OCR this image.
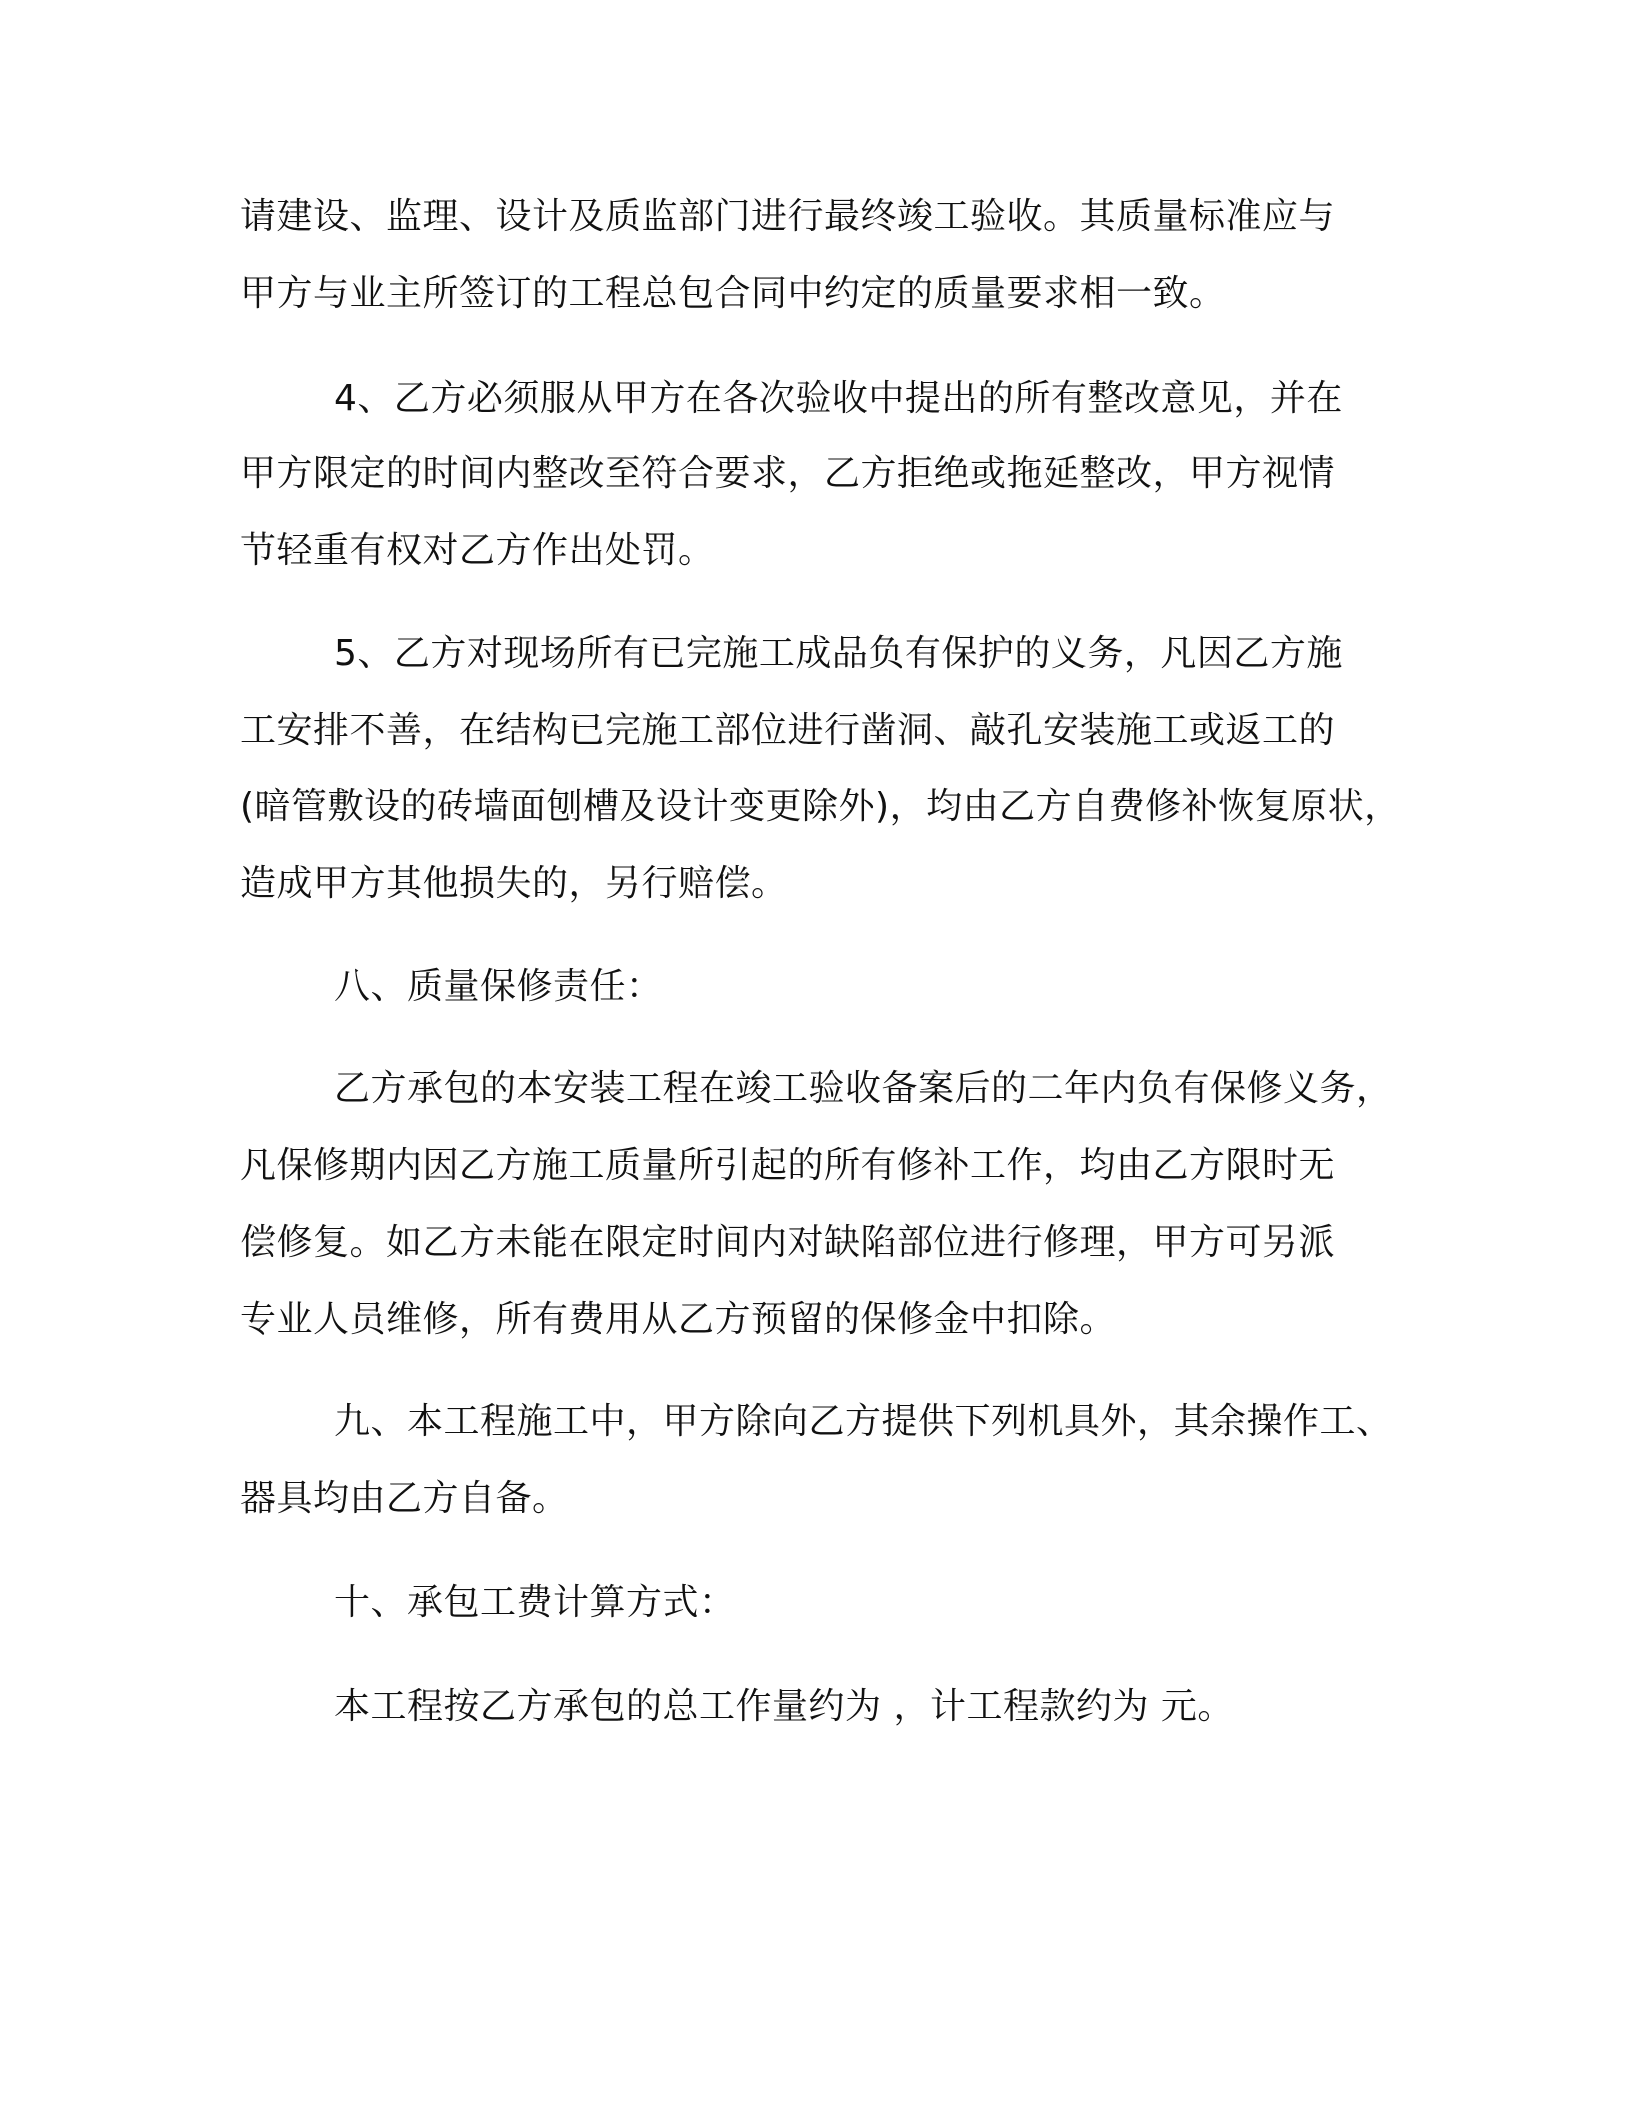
请建设、监理、设计及质监部门进行最终竣工验收。其质量标准应与
甲方与业主所签订的工程总包合同中约定的质量要求相一致。
4、乙方必须服从甲方在各次验收中提出的所有整改意见，并在
甲方限定的时间内整改至符合要求，乙方拒绝或拖延整改，甲方视情
节轻重有权对乙方作出处罚。
5、乙方对现场所有已完施工成品负有保护的义务，凡因乙方施
工安排不善，在结构已完施工部位进行凿洞、敲孔安装施工或返工的
(暗管敷设的砖墙面刨槽及设计变更除外)，均由乙方自费修补恢复原状，
造成甲方其他损失的，另行赔偿。
八、质量保修责任：
乙方承包的本安装工程在竣工验收备案后的二年内负有保修义务，
凡保修期内因乙方施工质量所引起的所有修补工作，均由乙方限时无
偿修复。如乙方未能在限定时间内对缺陷部位进行修理，甲方可另派
专业人员维修，所有费用从乙方预留的保修金中扣除。
九、本工程施工中，甲方除向乙方提供下列机具外，其余操作工、
器具均由乙方自备。
十、承包工费计算方式：
本工程按乙方承包的总工作量约为 ，计工程款约为 元。
